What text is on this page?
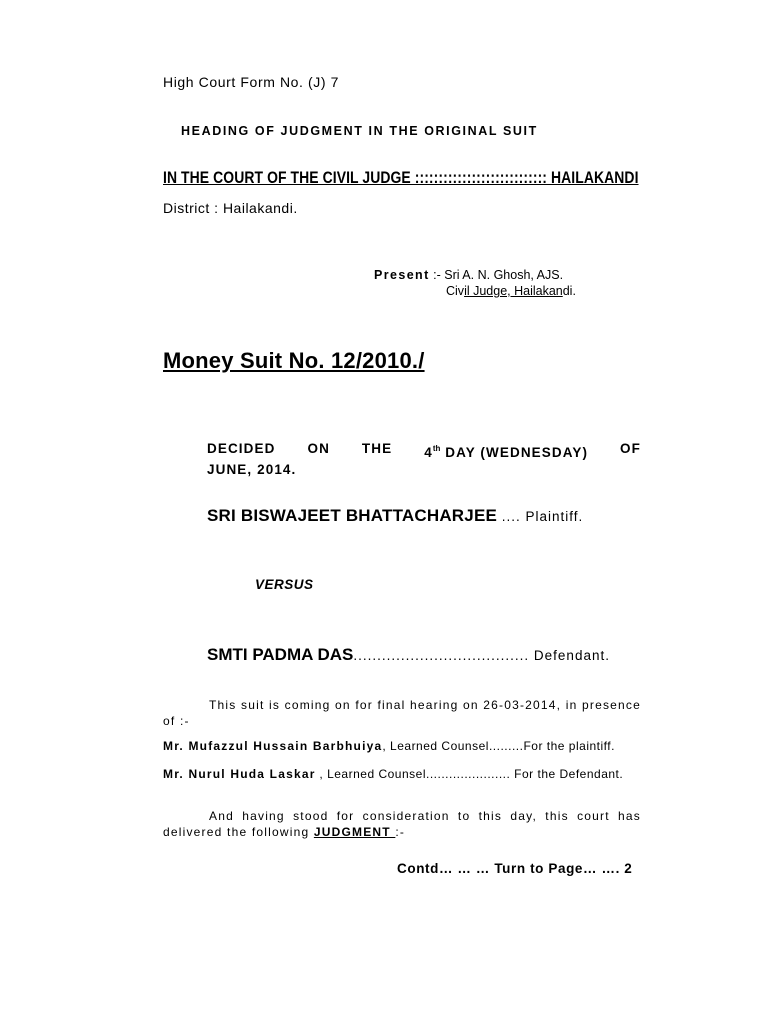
High Court Form No. (J) 7
HEADING OF JUDGMENT IN THE ORIGINAL SUIT
IN THE COURT OF THE CIVIL JUDGE :::::::::::::::::::::::::::: HAILAKANDI
District : Hailakandi.
Present :- Sri A. N. Ghosh, AJS.
Civil Judge, Hailakandi.
Money Suit No. 12/2010./
DECIDED ON THE 4th DAY (WEDNESDAY) OF
JUNE, 2014.
SRI BISWAJEET BHATTACHARJEE .... Plaintiff.
VERSUS
SMTI PADMA DAS..................................... Defendant.
This suit is coming on for final hearing on 26-03-2014, in presence of :-
Mr. Mufazzul Hussain Barbhuiya, Learned Counsel.........For the plaintiff.
Mr. Nurul Huda Laskar , Learned Counsel...................... For the Defendant.
And having stood for consideration to this day, this court has delivered the following JUDGMENT :-
Contd… … … Turn to Page… …. 2
